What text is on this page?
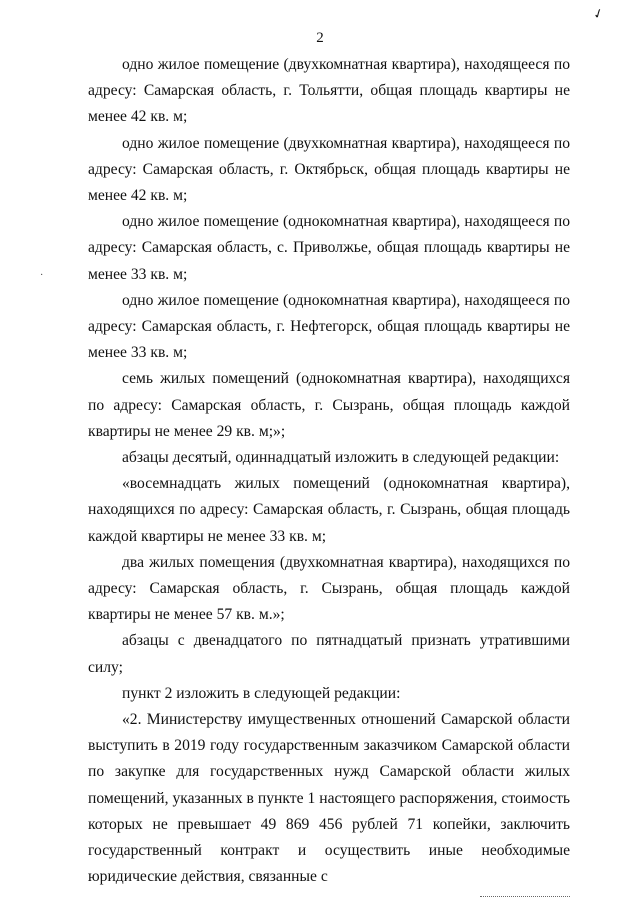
✓
2
·

одно жилое помещение (двухкомнатная квартира), находящееся по адресу: Самарская область, г. Тольятти, общая площадь квартиры не менее 42 кв. м;

одно жилое помещение (двухкомнатная квартира), находящееся по адресу: Самарская область, г. Октябрьск, общая площадь квартиры не менее 42 кв. м;

одно жилое помещение (однокомнатная квартира), находящееся по адресу: Самарская область, с. Приволжье, общая площадь квартиры не менее 33 кв. м;

одно жилое помещение (однокомнатная квартира), находящееся по адресу: Самарская область, г. Нефтегорск, общая площадь квартиры не менее 33 кв. м;

семь жилых помещений (однокомнатная квартира), находящихся по адресу: Самарская область, г. Сызрань, общая площадь каждой квартиры не менее 29 кв. м;»;

абзацы десятый, одиннадцатый изложить в следующей редакции:

«восемнадцать жилых помещений (однокомнатная квартира), находящихся по адресу: Самарская область, г. Сызрань, общая площадь каждой квартиры не менее 33 кв. м;

два жилых помещения (двухкомнатная квартира), находящихся по адресу: Самарская область, г. Сызрань, общая площадь каждой квартиры не менее 57 кв. м.»;

абзацы с двенадцатого по пятнадцатый признать утратившими силу;

пункт 2 изложить в следующей редакции:

«2. Министерству имущественных отношений Самарской области выступить в 2019 году государственным заказчиком Самарской области по закупке для государственных нужд Самарской области жилых помещений, указанных в пункте 1 настоящего распоряжения, стоимость которых не превышает 49 869 456 рублей 71 копейки, заключить государственный контракт и осуществить иные необходимые юридические действия, связанные с
